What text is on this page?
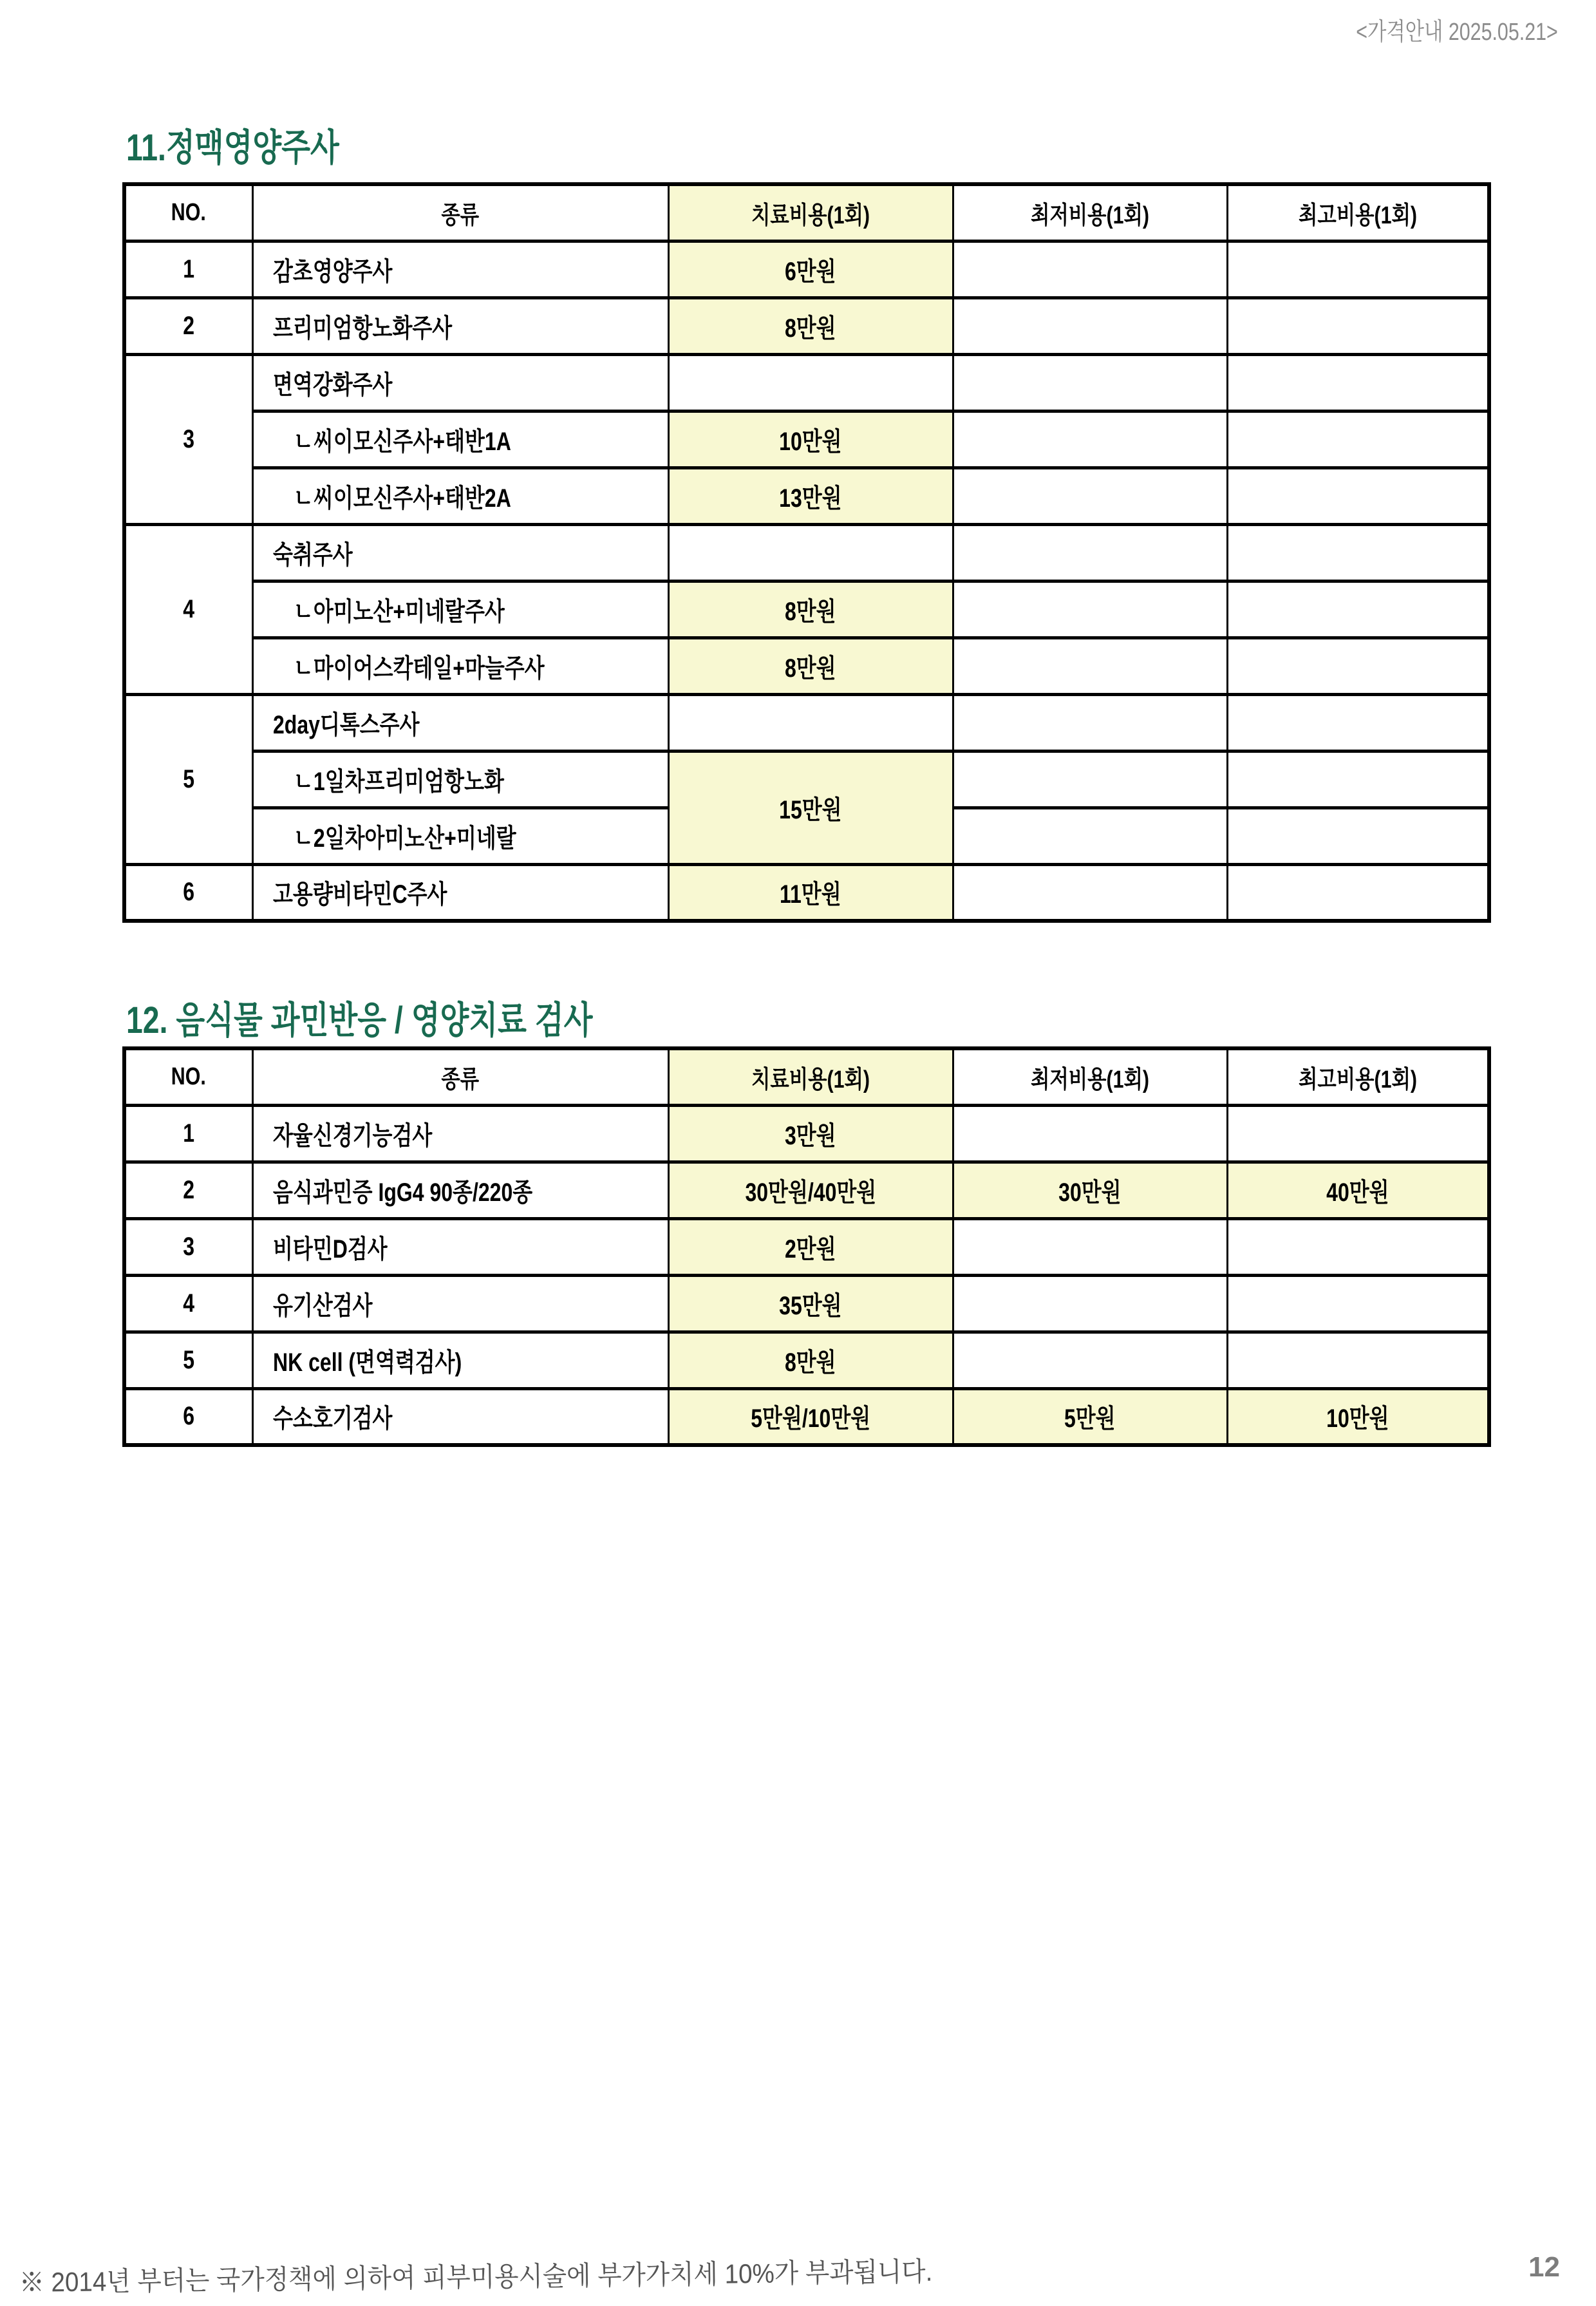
<가격안내 2025.05.21>
11.정맥영양주사
NO.	종류	치료비용(1회)	최저비용(1회)	최고비용(1회)
1	감초영양주사	6만원		
2	프리미엄항노화주사	8만원		
3	면역강화주사			
	ㄴ씨이모신주사+태반1A	10만원		
	ㄴ씨이모신주사+태반2A	13만원		
4	숙취주사			
	ㄴ아미노산+미네랄주사	8만원		
	ㄴ마이어스칵테일+마늘주사	8만원		
5	2day디톡스주사			
	ㄴ1일차프리미엄항노화	15만원		
	ㄴ2일차아미노산+미네랄			
6	고용량비타민C주사	11만원		
12. 음식물 과민반응 / 영양치료 검사
NO.	종류	치료비용(1회)	최저비용(1회)	최고비용(1회)
1	자율신경기능검사	3만원		
2	음식과민증 IgG4 90종/220종	30만원/40만원	30만원	40만원
3	비타민D검사	2만원		
4	유기산검사	35만원		
5	NK cell (면역력검사)	8만원		
6	수소호기검사	5만원/10만원	5만원	10만원
※ 2014년 부터는 국가정책에 의하여 피부미용시술에 부가가치세 10%가 부과됩니다.	12
